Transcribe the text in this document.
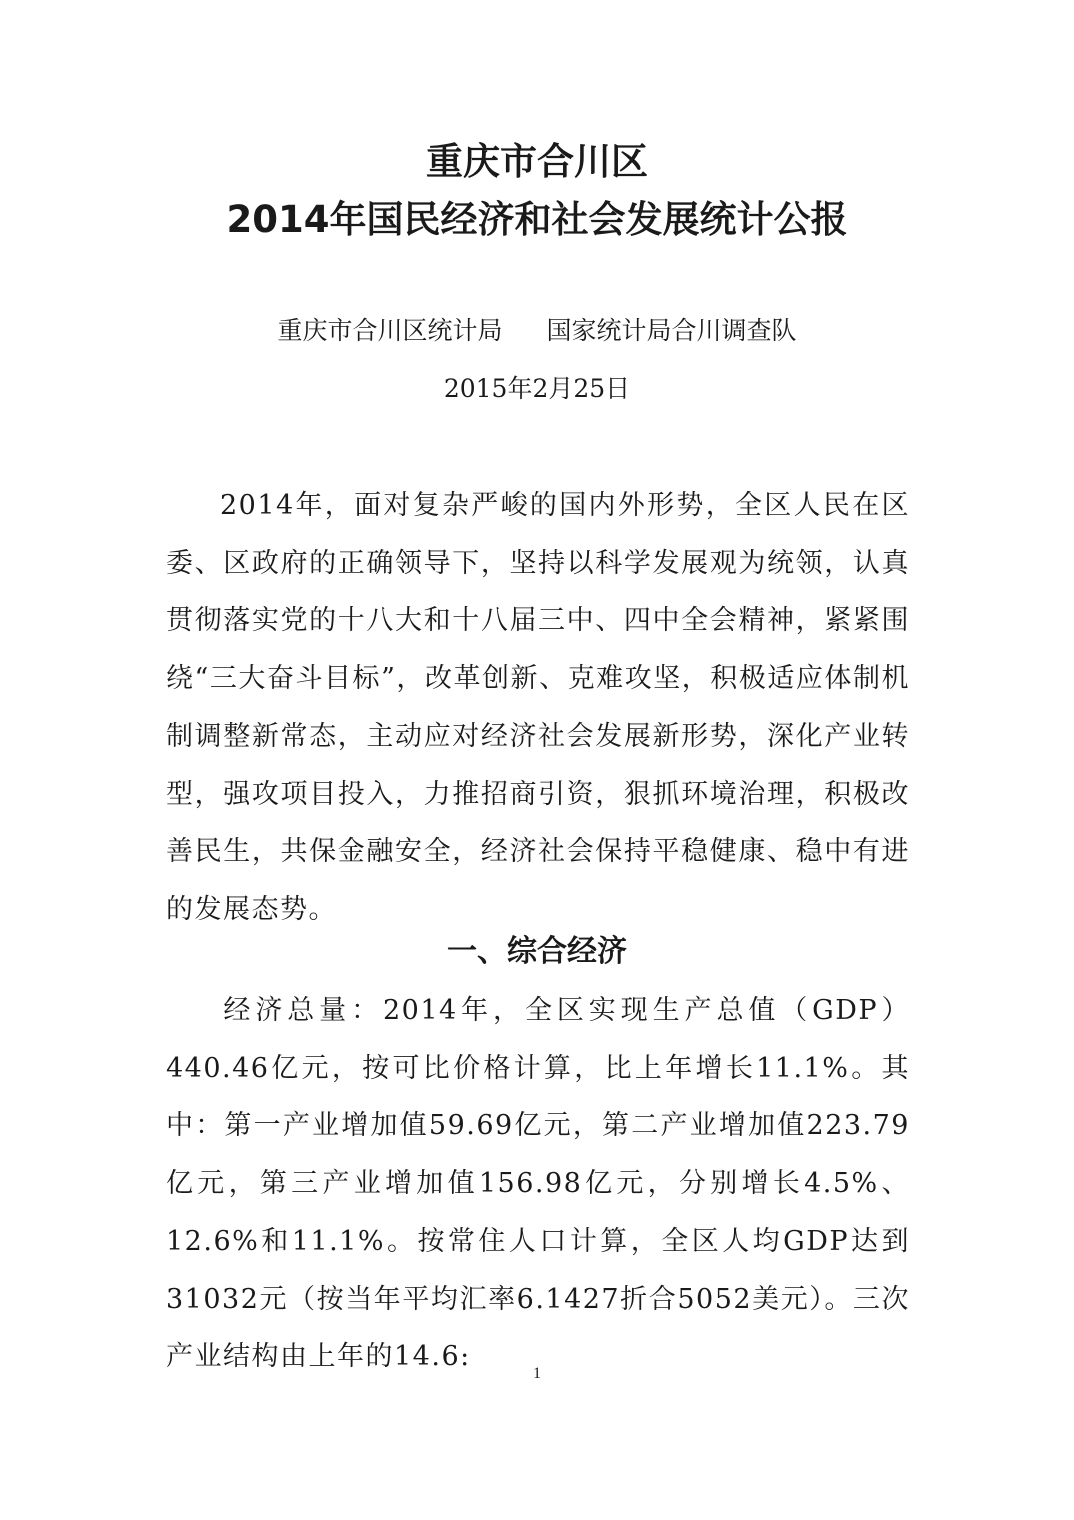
重庆市合川区
2014年国民经济和社会发展统计公报
重庆市合川区统计局 国家统计局合川调查队
2015年2月25日
2014年，面对复杂严峻的国内外形势，全区人民在区委、区政府的正确领导下，坚持以科学发展观为统领，认真贯彻落实党的十八大和十八届三中、四中全会精神，紧紧围绕“三大奋斗目标”，改革创新、克难攻坚，积极适应体制机制调整新常态，主动应对经济社会发展新形势，深化产业转型，强攻项目投入，力推招商引资，狠抓环境治理，积极改善民生，共保金融安全，经济社会保持平稳健康、稳中有进的发展态势。
一、综合经济
经济总量：2014年，全区实现生产总值（GDP）440.46亿元，按可比价格计算，比上年增长11.1%。其中：第一产业增加值59.69亿元，第二产业增加值223.79亿元，第三产业增加值156.98亿元，分别增长4.5%、12.6%和11.1%。按常住人口计算，全区人均GDP达到31032元（按当年平均汇率6.1427折合5052美元）。三次产业结构由上年的14.6:
1
